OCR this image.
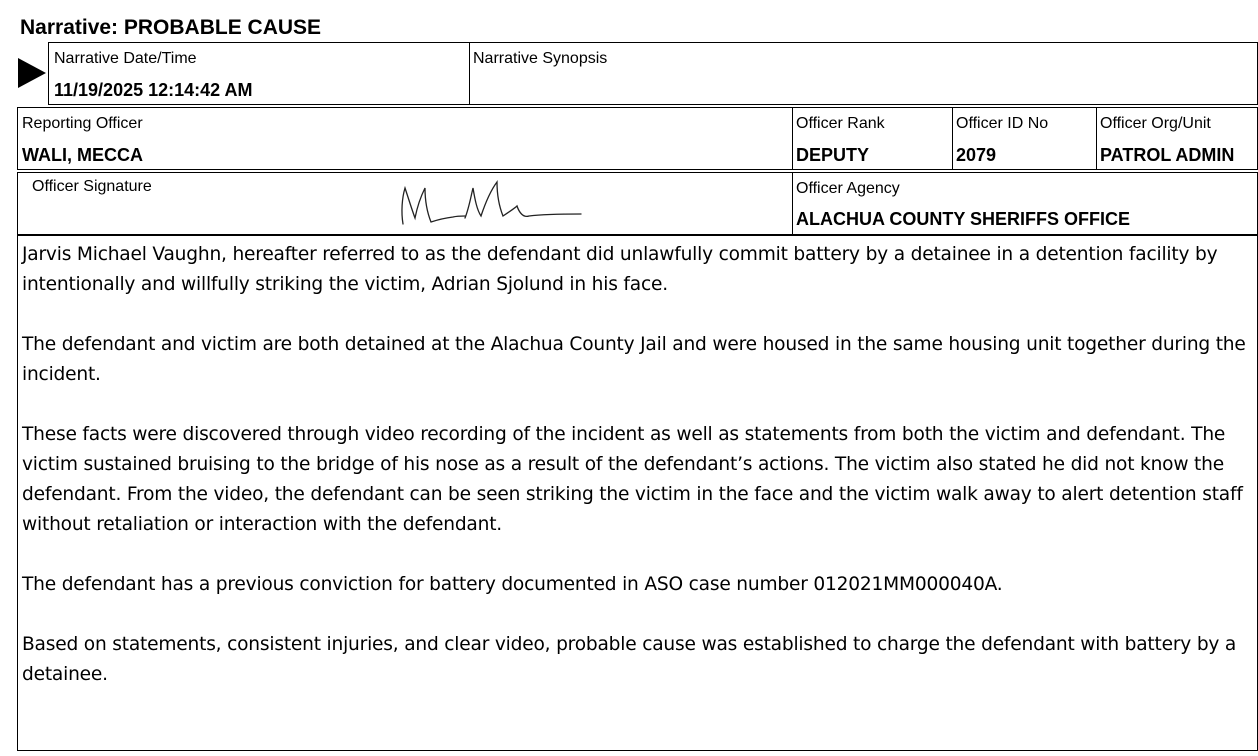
Narrative: PROBABLE CAUSE
Narrative Date/Time
11/19/2025 12:14:42 AM
Narrative Synopsis
Reporting Officer
WALI, MECCA
Officer Rank
DEPUTY
Officer ID No
2079
Officer Org/Unit
PATROL ADMIN
Officer Signature	Officer Agency
ALACHUA COUNTY SHERIFFS OFFICE

Jarvis Michael Vaughn, hereafter referred to as the defendant did unlawfully commit battery by a detainee in a detention facility by intentionally and willfully striking the victim, Adrian Sjolund in his face.

The defendant and victim are both detained at the Alachua County Jail and were housed in the same housing unit together during the incident.

These facts were discovered through video recording of the incident as well as statements from both the victim and defendant. The victim sustained bruising to the bridge of his nose as a result of the defendant’s actions. The victim also stated he did not know the defendant. From the video, the defendant can be seen striking the victim in the face and the victim walk away to alert detention staff without retaliation or interaction with the defendant.

The defendant has a previous conviction for battery documented in ASO case number 012021MM000040A.

Based on statements, consistent injuries, and clear video, probable cause was established to charge the defendant with battery by a detainee.
